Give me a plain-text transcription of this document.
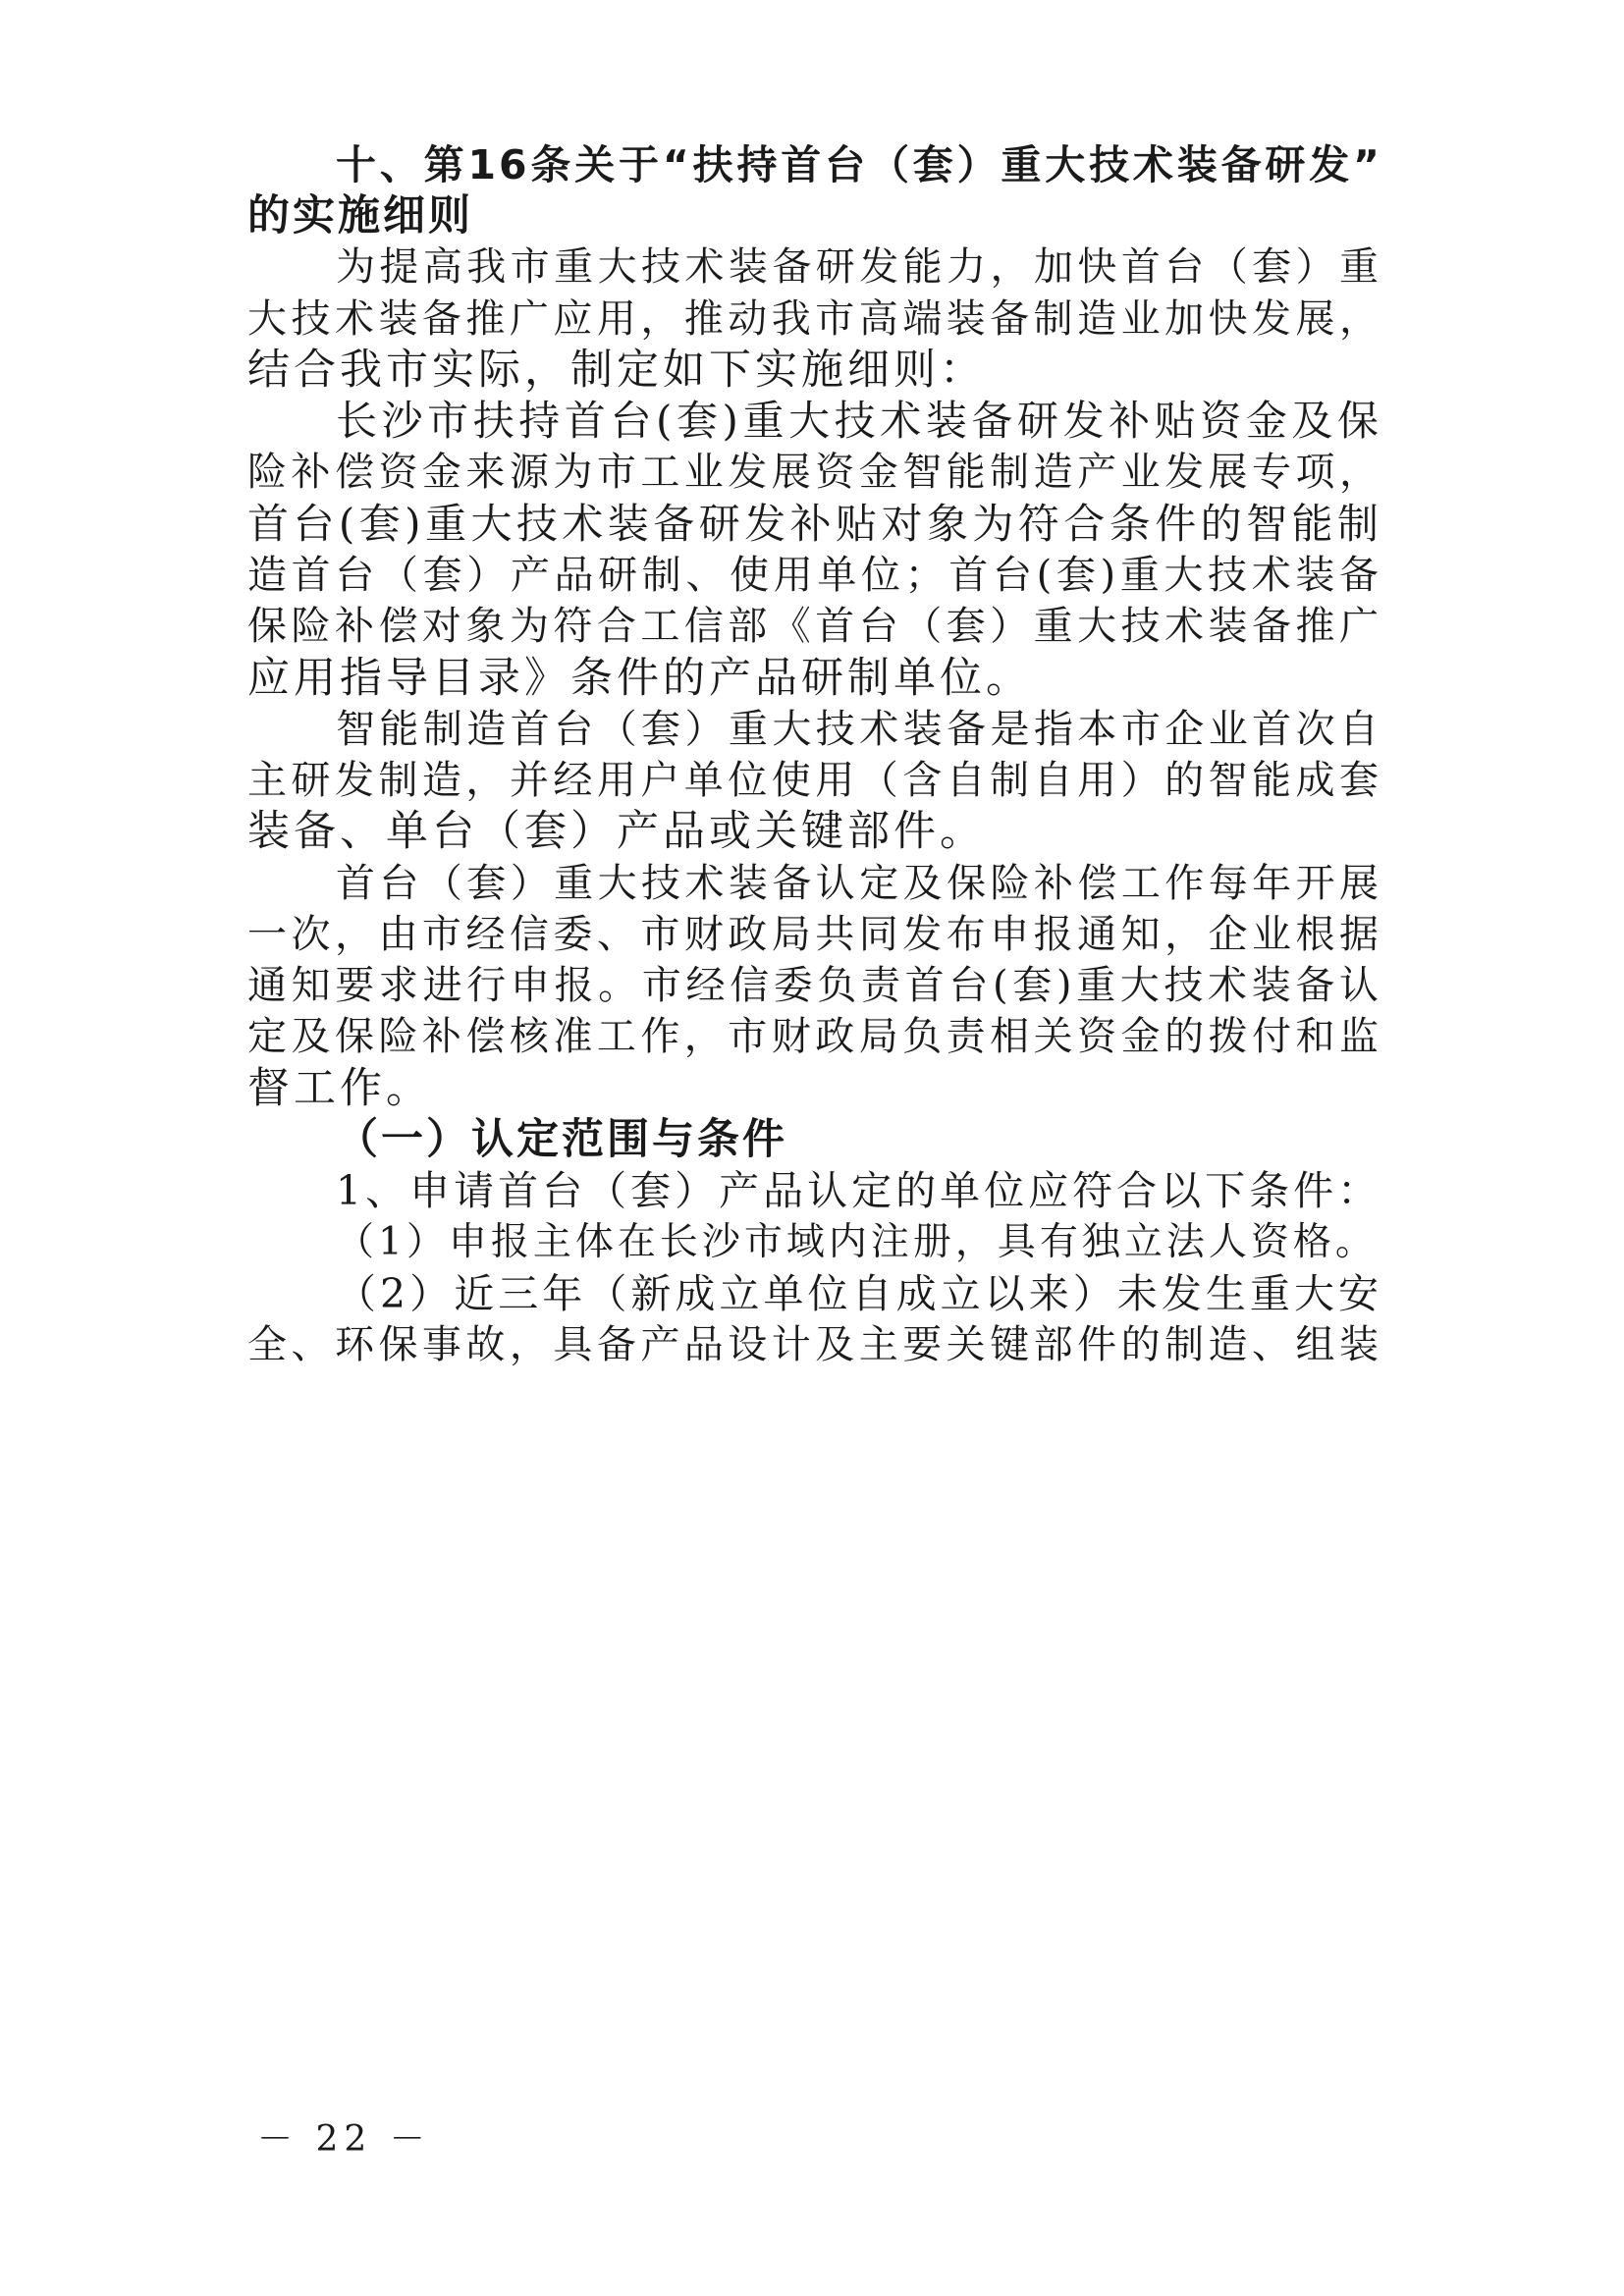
十、第16条关于“扶持首台（套）重大技术装备研发”
的实施细则
为提高我市重大技术装备研发能力，加快首台（套）重
大技术装备推广应用，推动我市高端装备制造业加快发展，
结合我市实际，制定如下实施细则：
长沙市扶持首台(套)重大技术装备研发补贴资金及保
险补偿资金来源为市工业发展资金智能制造产业发展专项，
首台(套)重大技术装备研发补贴对象为符合条件的智能制
造首台（套）产品研制、使用单位；首台(套)重大技术装备
保险补偿对象为符合工信部《首台（套）重大技术装备推广
应用指导目录》条件的产品研制单位。
智能制造首台（套）重大技术装备是指本市企业首次自
主研发制造，并经用户单位使用（含自制自用）的智能成套
装备、单台（套）产品或关键部件。
首台（套）重大技术装备认定及保险补偿工作每年开展
一次，由市经信委、市财政局共同发布申报通知，企业根据
通知要求进行申报。市经信委负责首台(套)重大技术装备认
定及保险补偿核准工作，市财政局负责相关资金的拨付和监
督工作。
（一）认定范围与条件
1、申请首台（套）产品认定的单位应符合以下条件：
（1）申报主体在长沙市域内注册，具有独立法人资格。
（2）近三年（新成立单位自成立以来）未发生重大安
全、环保事故，具备产品设计及主要关键部件的制造、组装
－ 22 －
